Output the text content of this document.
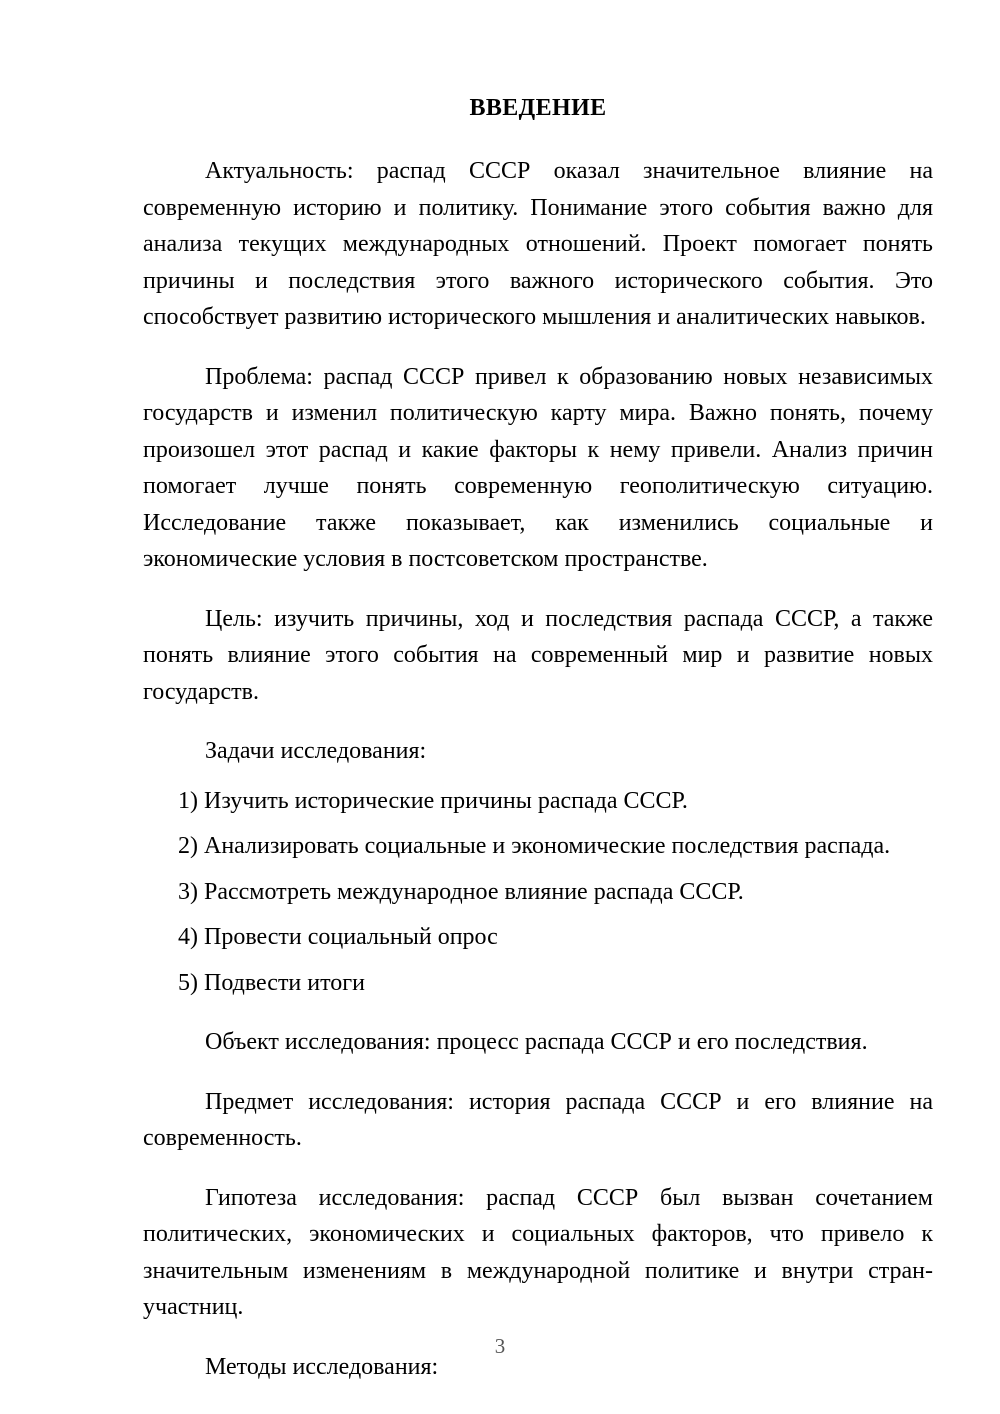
ВВЕДЕНИЕ

Актуальность: распад СССР оказал значительное влияние на современную историю и политику. Понимание этого события важно для анализа текущих международных отношений. Проект помогает понять причины и последствия этого важного исторического события. Это способствует развитию исторического мышления и аналитических навыков.

Проблема: распад СССР привел к образованию новых независимых государств и изменил политическую карту мира. Важно понять, почему произошел этот распад и какие факторы к нему привели. Анализ причин помогает лучше понять современную геополитическую ситуацию. Исследование также показывает, как изменились социальные и экономические условия в постсоветском пространстве.

Цель: изучить причины, ход и последствия распада СССР, а также понять влияние этого события на современный мир и развитие новых государств.

Задачи исследования:

1) Изучить исторические причины распада СССР.
2) Анализировать социальные и экономические последствия распада.
3) Рассмотреть международное влияние распада СССР.
4) Провести социальный опрос
5) Подвести итоги

Объект исследования: процесс распада СССР и его последствия.

Предмет исследования: история распада СССР и его влияние на современность.

Гипотеза исследования: распад СССР был вызван сочетанием политических, экономических и социальных факторов, что привело к значительным изменениям в международной политике и внутри стран-участниц.

Методы исследования:

3
